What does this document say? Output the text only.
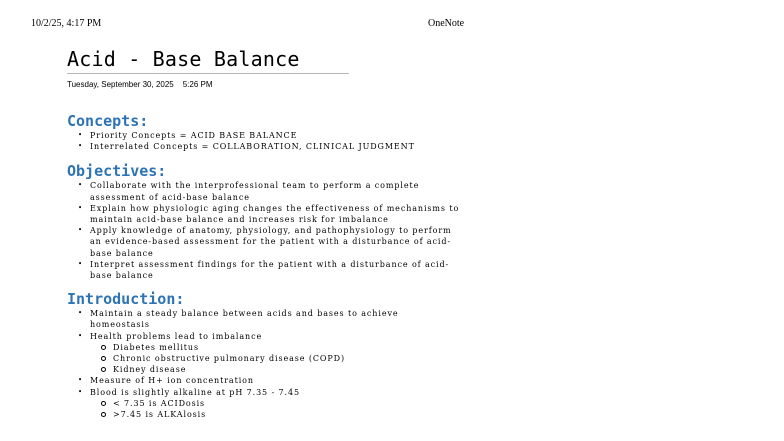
10/2/25, 4:17 PM	OneNote
Acid - Base Balance
Tuesday, September 30, 2025 5:26 PM
Concepts:
• Priority Concepts = ACID BASE BALANCE
• Interrelated Concepts = COLLABORATION, CLINICAL JUDGMENT
Objectives:
• Collaborate with the interprofessional team to perform a complete assessment of acid-base balance
• Explain how physiologic aging changes the effectiveness of mechanisms to maintain acid-base balance and increases risk for imbalance
• Apply knowledge of anatomy, physiology, and pathophysiology to perform an evidence-based assessment for the patient with a disturbance of acid-base balance
• Interpret assessment findings for the patient with a disturbance of acid-base balance
Introduction:
• Maintain a steady balance between acids and bases to achieve homeostasis
• Health problems lead to imbalance
Diabetes mellitus
Chronic obstructive pulmonary disease (COPD)
Kidney disease
• Measure of H+ ion concentration
• Blood is slightly alkaline at pH 7.35 - 7.45
< 7.35 is ACIDosis
>7.45 is ALKAlosis
